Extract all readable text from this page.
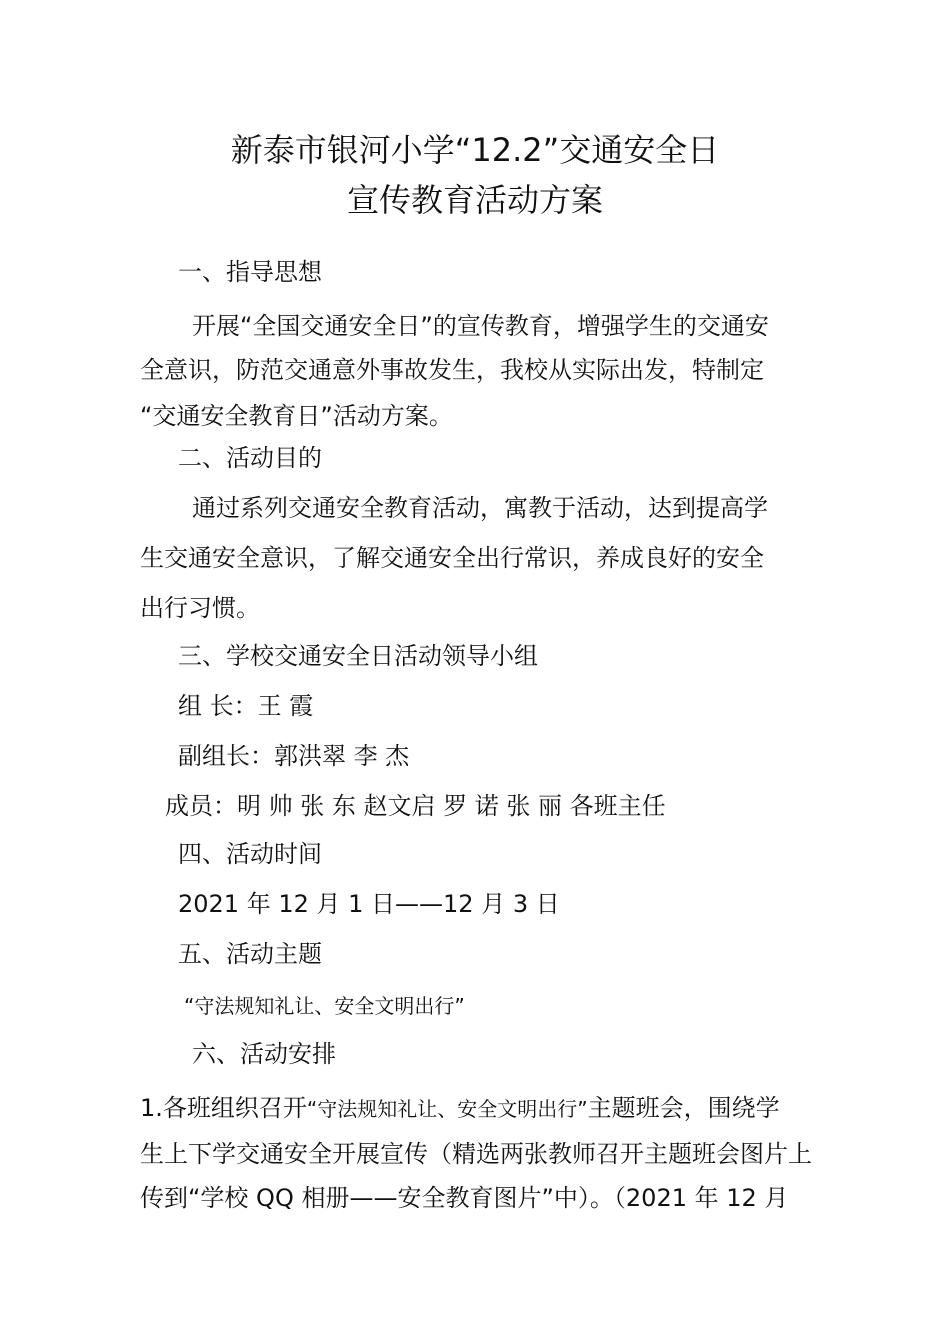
新泰市银河小学“12.2”交通安全日
宣传教育活动方案
一、指导思想
开展“全国交通安全日”的宣传教育，增强学生的交通安
全意识，防范交通意外事故发生，我校从实际出发，特制定
“交通安全教育日”活动方案。
二、活动目的
通过系列交通安全教育活动，寓教于活动，达到提高学
生交通安全意识，了解交通安全出行常识，养成良好的安全
出行习惯。
三、学校交通安全日活动领导小组
组 长：王 霞
副组长：郭洪翠 李 杰
成员：明 帅 张 东 赵文启 罗 诺 张 丽 各班主任
四、活动时间
2021 年 12 月 1 日——12 月 3 日
五、活动主题
“守法规知礼让、安全文明出行”
六、活动安排
1.各班组织召开“守法规知礼让、安全文明出行”主题班会，围绕学
生上下学交通安全开展宣传（精选两张教师召开主题班会图片上
传到“学校 QQ 相册——安全教育图片”中）。（2021 年 12 月
